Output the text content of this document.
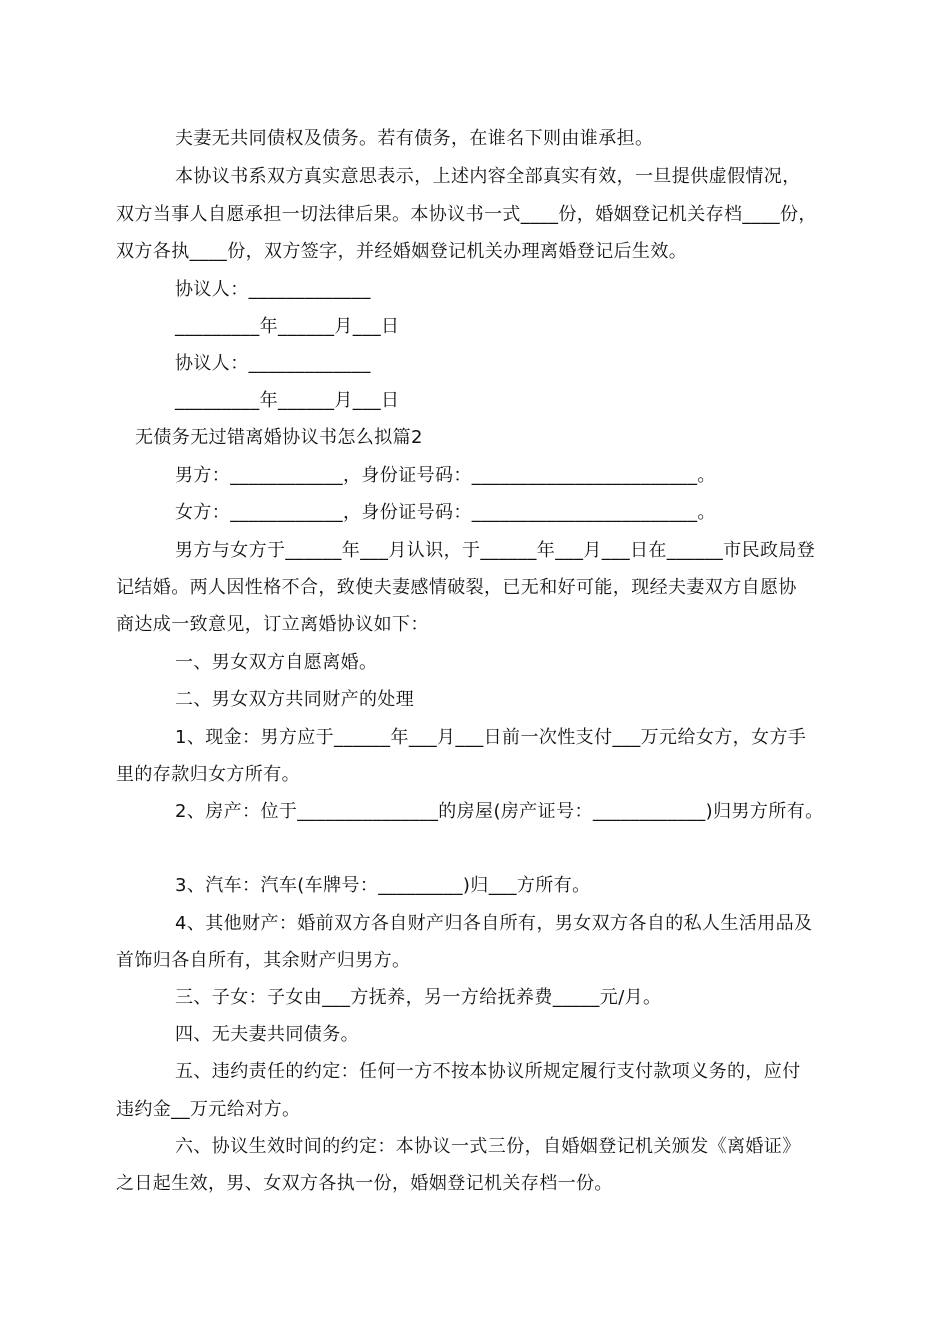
夫妻无共同债权及债务。若有债务，在谁名下则由谁承担。
本协议书系双方真实意思表示，上述内容全部真实有效，一旦提供虚假情况，
双方当事人自愿承担一切法律后果。本协议书一式____份，婚姻登记机关存档____份，
双方各执____份，双方签字，并经婚姻登记机关办理离婚登记后生效。
协议人：_____________
_________年______月___日
协议人：_____________
_________年______月___日
无债务无过错离婚协议书怎么拟篇2
男方：____________，身份证号码：________________________。
女方：____________，身份证号码：________________________。
男方与女方于______年___月认识，于______年___月___日在______市民政局登
记结婚。两人因性格不合，致使夫妻感情破裂，已无和好可能，现经夫妻双方自愿协
商达成一致意见，订立离婚协议如下：
一、男女双方自愿离婚。
二、男女双方共同财产的处理
1、现金：男方应于______年___月___日前一次性支付___万元给女方，女方手
里的存款归女方所有。
2、房产：位于_______________的房屋(房产证号：____________)归男方所有。
3、汽车：汽车(车牌号：_________)归___方所有。
4、其他财产：婚前双方各自财产归各自所有，男女双方各自的私人生活用品及
首饰归各自所有，其余财产归男方。
三、子女：子女由___方抚养，另一方给抚养费_____元/月。
四、无夫妻共同债务。
五、违约责任的约定：任何一方不按本协议所规定履行支付款项义务的，应付
违约金__万元给对方。
六、协议生效时间的约定：本协议一式三份，自婚姻登记机关颁发《离婚证》
之日起生效，男、女双方各执一份，婚姻登记机关存档一份。
